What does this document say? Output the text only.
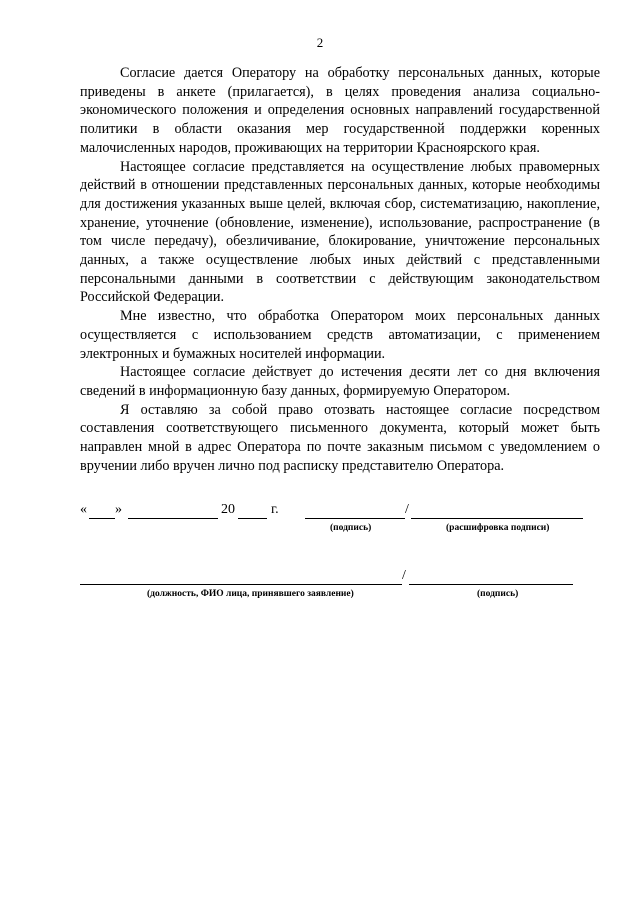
2

Согласие дается Оператору на обработку персональных данных, которые приведены в анкете (прилагается), в целях проведения анализа социально-экономического положения и определения основных направлений государственной политики в области оказания мер государственной поддержки коренных малочисленных народов, проживающих на территории Красноярского края.

Настоящее согласие представляется на осуществление любых правомерных действий в отношении представленных персональных данных, которые необходимы для достижения указанных выше целей, включая сбор, систематизацию, накопление, хранение, уточнение (обновление, изменение), использование, распространение (в том числе передачу), обезличивание, блокирование, уничтожение персональных данных, а также осуществление любых иных действий с представленными персональными данными в соответствии с действующим законодательством Российской Федерации.

Мне известно, что обработка Оператором моих персональных данных осуществляется с использованием средств автоматизации, с применением электронных и бумажных носителей информации.

Настоящее согласие действует до истечения десяти лет со дня включения сведений в информационную базу данных, формируемую Оператором.

Я оставляю за собой право отозвать настоящее согласие посредством составления соответствующего письменного документа, который может быть направлен мной в адрес Оператора по почте заказным письмом с уведомлением о вручении либо вручен лично под расписку представителю Оператора.

« »	20	г.	/
(подпись)	(расшифровка подписи)
/
(должность, ФИО лица, принявшего заявление)	(подпись)
